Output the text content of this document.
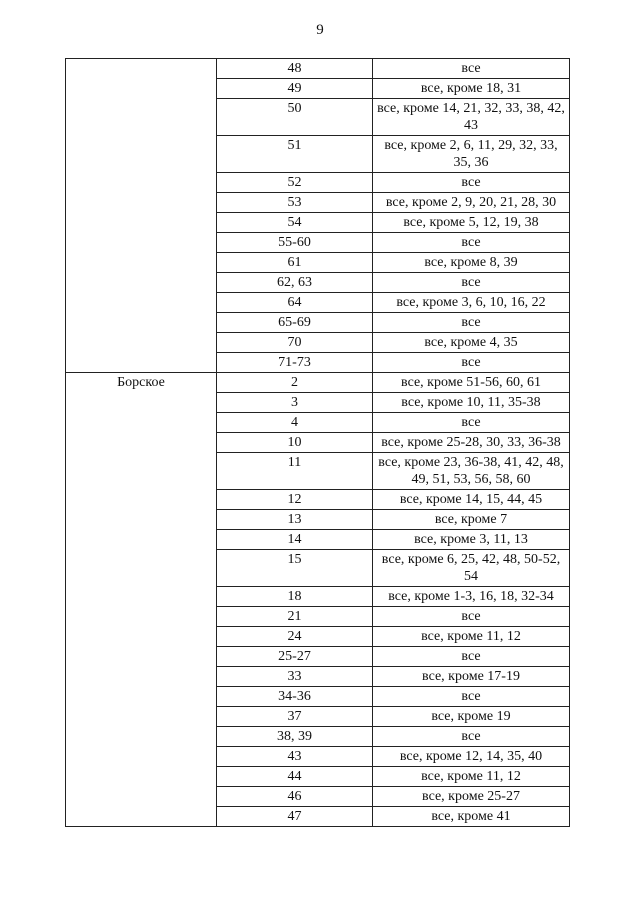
9
	48	все
	49	все, кроме 18, 31
	50	все, кроме 14, 21, 32, 33, 38, 42, 43
	51	все, кроме 2, 6, 11, 29, 32, 33, 35, 36
	52	все
	53	все, кроме 2, 9, 20, 21, 28, 30
	54	все, кроме 5, 12, 19, 38
	55-60	все
	61	все, кроме 8, 39
	62, 63	все
	64	все, кроме 3, 6, 10, 16, 22
	65-69	все
	70	все, кроме 4, 35
	71-73	все
Борское	2	все, кроме 51-56, 60, 61
	3	все, кроме 10, 11, 35-38
	4	все
	10	все, кроме 25-28, 30, 33, 36-38
	11	все, кроме 23, 36-38, 41, 42, 48, 49, 51, 53, 56, 58, 60
	12	все, кроме 14, 15, 44, 45
	13	все, кроме 7
	14	все, кроме 3, 11, 13
	15	все, кроме 6, 25, 42, 48, 50-52, 54
	18	все, кроме 1-3, 16, 18, 32-34
	21	все
	24	все, кроме 11, 12
	25-27	все
	33	все, кроме 17-19
	34-36	все
	37	все, кроме 19
	38, 39	все
	43	все, кроме 12, 14, 35, 40
	44	все, кроме 11, 12
	46	все, кроме 25-27
	47	все, кроме 41
